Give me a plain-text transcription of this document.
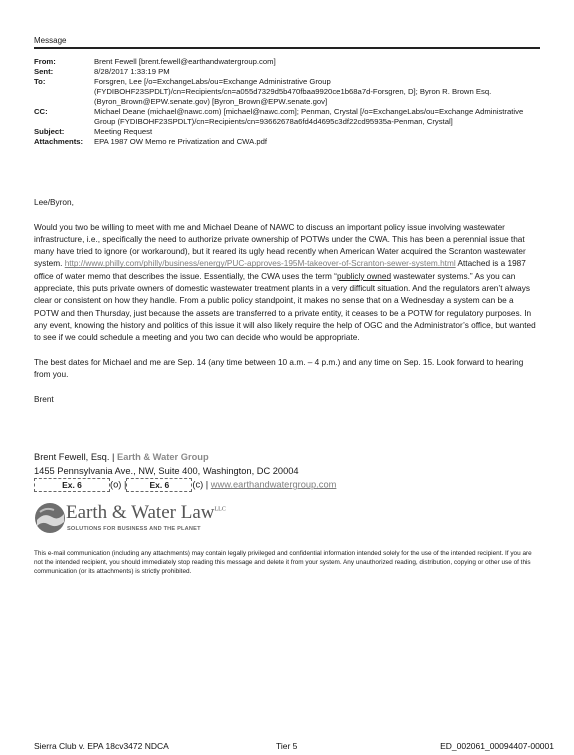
Message
From:	Brent Fewell [brent.fewell@earthandwatergroup.com]
Sent:	8/28/2017 1:33:19 PM
To:	Forsgren, Lee [/o=ExchangeLabs/ou=Exchange Administrative Group (FYDIBOHF23SPDLT)/cn=Recipients/cn=a055d7329d5b470fbaa9920ce1b68a7d-Forsgren, D]; Byron R. Brown Esq. (Byron_Brown@EPW.senate.gov) [Byron_Brown@EPW.senate.gov]
CC:	Michael Deane (michael@nawc.com) [michael@nawc.com]; Penman, Crystal [/o=ExchangeLabs/ou=Exchange Administrative Group (FYDIBOHF23SPDLT)/cn=Recipients/cn=93662678a6fd4d4695c3df22cd95935a-Penman, Crystal]
Subject:	Meeting Request
Attachments:	EPA 1987 OW Memo re Privatization and CWA.pdf

Lee/Byron,

Would you two be willing to meet with me and Michael Deane of NAWC to discuss an important policy issue involving wastewater infrastructure, i.e., specifically the need to authorize private ownership of POTWs under the CWA. This has been a perennial issue that many have tried to ignore (or workaround), but it reared its ugly head recently when American Water acquired the Scranton wastewater system. http://www.philly.com/philly/business/energy/PUC-approves-195M-takeover-of-Scranton-sewer-system.html Attached is a 1987 office of water memo that describes the issue. Essentially, the CWA uses the term “publicly owned wastewater systems.” As you can appreciate, this puts private owners of domestic wastewater treatment plants in a very difficult situation. And the regulators aren’t always clear or consistent on how they handle. From a public policy standpoint, it makes no sense that on a Wednesday a system can be a POTW and then Thursday, just because the assets are transferred to a private entity, it ceases to be a POTW for regulatory purposes. In any event, knowing the history and politics of this issue it will also likely require the help of OGC and the Administrator’s office, but wanted to see if we could schedule a meeting and you two can decide who would be appropriate.

The best dates for Michael and me are Sep. 14 (any time between 10 a.m. – 4 p.m.) and any time on Sep. 15. Look forward to hearing from you.

Brent

Brent Fewell, Esq. | Earth & Water Group
1455 Pennsylvania Ave., NW, Suite 400, Washington, DC 20004
Ex. 6	(o) |	Ex. 6 (c) | www.earthandwatergroup.com
Earth & Water Law$^{LLC}$
SOLUTIONS FOR BUSINESS AND THE PLANET
This e-mail communication (including any attachments) may contain legally privileged and confidential information intended solely for the use of the intended recipient. If you are not the intended recipient, you should immediately stop reading this message and delete it from your system. Any unauthorized reading, distribution, copying or other use of this communication (or its attachments) is strictly prohibited.
Sierra Club v. EPA 18cv3472 NDCA	Tier 5	ED_002061_00094407-00001
